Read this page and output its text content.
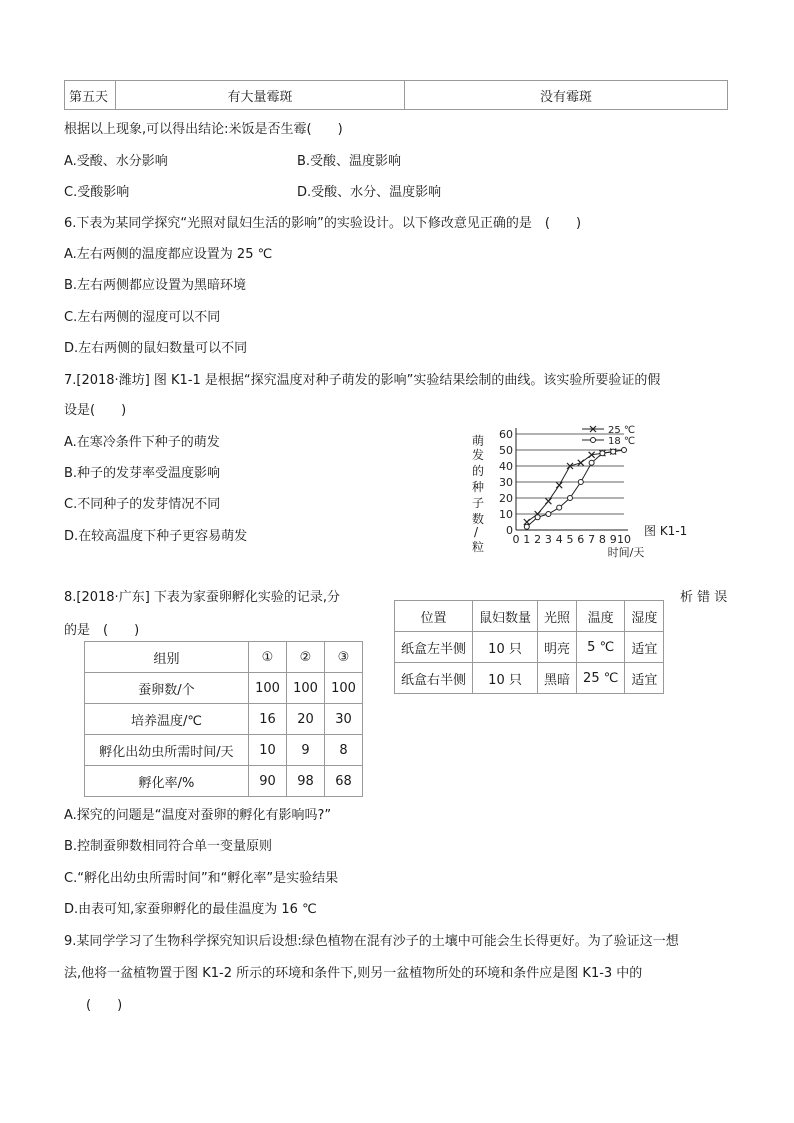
第五天	有大量霉斑	没有霉斑
根据以上现象,可以得出结论:米饭是否生霉(　　)
A.受酸、水分影响	B.受酸、温度影响
C.受酸影响	D.受酸、水分、温度影响
6.下表为某同学探究“光照对鼠妇生活的影响”的实验设计。以下修改意见正确的是　(　　)
A.左右两侧的温度都应设置为 25 ℃
B.左右两侧都应设置为黑暗环境
C.左右两侧的湿度可以不同
D.左右两侧的鼠妇数量可以不同
7.[2018·潍坊] 图 K1-1 是根据“探究温度对种子萌发的影响”实验结果绘制的曲线。该实验所要验证的假
设是(　　)
A.在寒冷条件下种子的萌发
B.种子的发芽率受温度影响
C.不同种子的发芽情况不同
D.在较高温度下种子更容易萌发
萌
发
的
种
子
数
/
粒
0
10
20
30
40
50
60
0 1 2 3 4 5 6 7 8 9 10
时间/天
25 ℃
18 ℃
图 K1-1
8.[2018·广东] 下表为家蚕卵孵化实验的记录,分	析 错 误
的是　(　　)
位置	鼠妇数量	光照	温度	湿度
纸盒左半侧	10 只	明亮	5 ℃	适宜
纸盒右半侧	10 只	黑暗	25 ℃	适宜
组别	①	②	③
蚕卵数/个	100	100	100
培养温度/℃	16	20	30
孵化出幼虫所需时间/天	10	9	8
孵化率/%	90	98	68
A.探究的问题是“温度对蚕卵的孵化有影响吗?”
B.控制蚕卵数相同符合单一变量原则
C.“孵化出幼虫所需时间”和“孵化率”是实验结果
D.由表可知,家蚕卵孵化的最佳温度为 16 ℃
9.某同学学习了生物科学探究知识后设想:绿色植物在混有沙子的土壤中可能会生长得更好。为了验证这一想
法,他将一盆植物置于图 K1-2 所示的环境和条件下,则另一盆植物所处的环境和条件应是图 K1-3 中的
(　　)
